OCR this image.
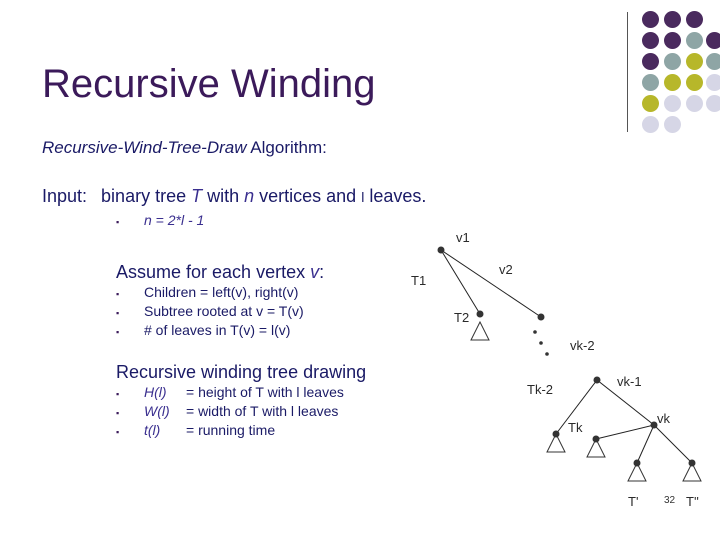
Recursive Winding
Recursive-Wind-Tree-Draw Algorithm:
Input: binary tree T with n vertices and l leaves.
▪ n = 2*l - 1
Assume for each vertex v:
▪ Children = left(v), right(v)
▪ Subtree rooted at v = T(v)
▪ # of leaves in T(v) = l(v)
Recursive winding tree drawing
▪ H(l) = height of T with l leaves
▪ W(l) = width of T with l leaves
▪ t(l) = running time
v1
v2
vk-2
vk-1
vk
T1
T2
Tk-2
Tk
T'	T''
32
